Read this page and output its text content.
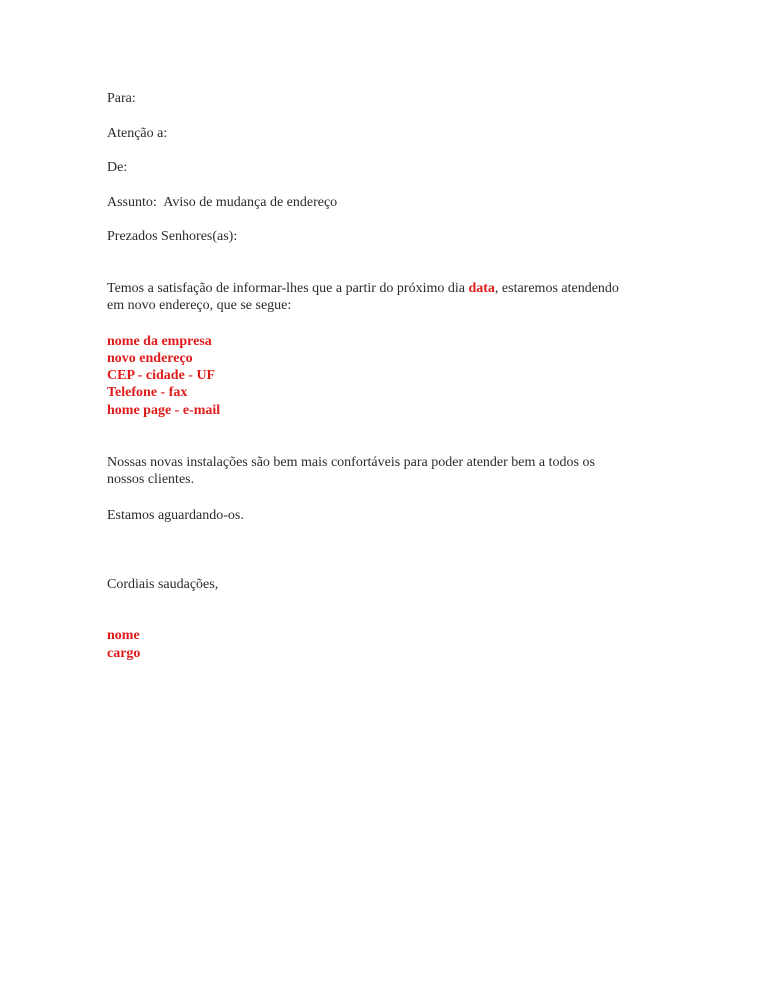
Para:
Atenção a:
De:
Assunto: Aviso de mudança de endereço
Prezados Senhores(as):
Temos a satisfação de informar-lhes que a partir do próximo dia data, estaremos atendendo
em novo endereço, que se segue:
nome da empresa
novo endereço
CEP - cidade - UF
Telefone - fax
home page - e-mail
Nossas novas instalações são bem mais confortáveis para poder atender bem a todos os
nossos clientes.
Estamos aguardando-os.
Cordiais saudações,
nome
cargo
